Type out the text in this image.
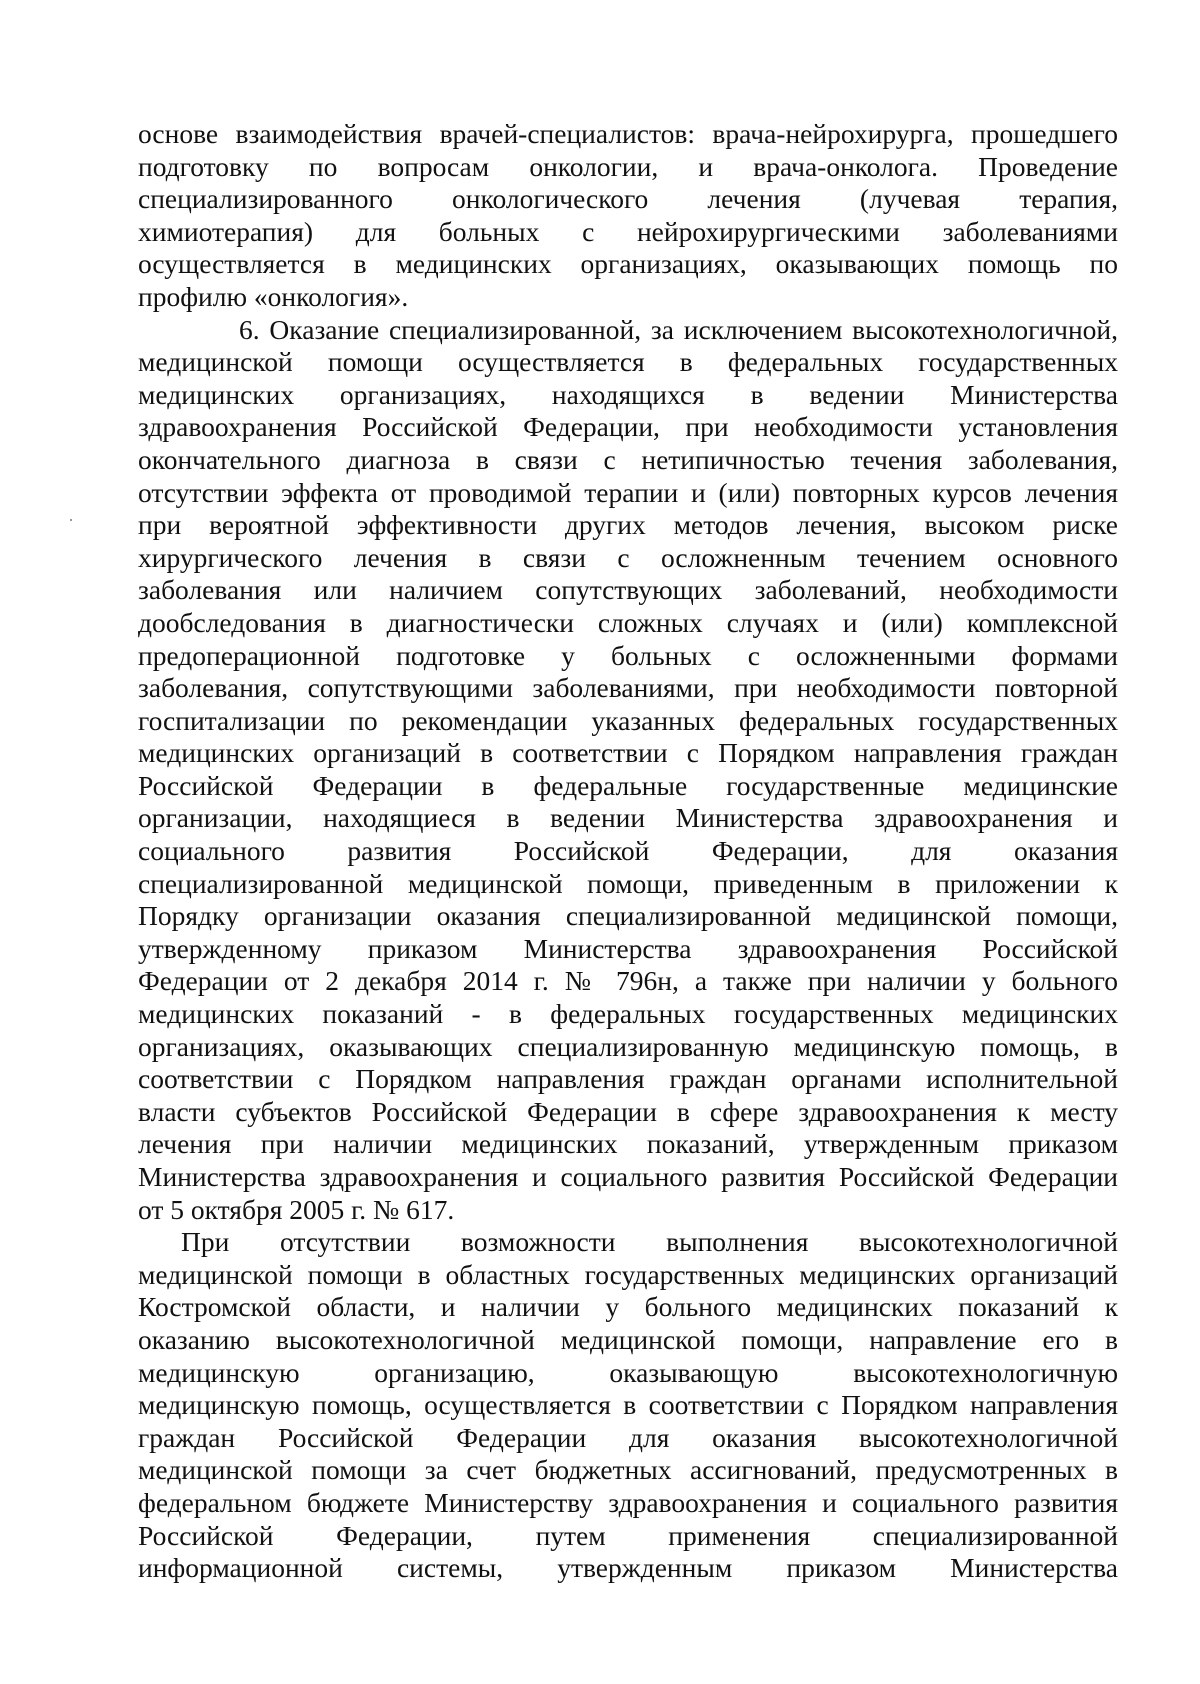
основе взаимодействия врачей-специалистов: врача-нейрохирурга, прошедшего
подготовку по вопросам онкологии, и врача-онколога. Проведение
специализированного онкологического лечения (лучевая терапия,
химиотерапия) для больных с нейрохирургическими заболеваниями
осуществляется в медицинских организациях, оказывающих помощь по
профилю «онкология».

6. Оказание специализированной, за исключением высокотехнологичной,
медицинской помощи осуществляется в федеральных государственных
медицинских организациях, находящихся в ведении Министерства
здравоохранения Российской Федерации, при необходимости установления
окончательного диагноза в связи с нетипичностью течения заболевания,
отсутствии эффекта от проводимой терапии и (или) повторных курсов лечения
при вероятной эффективности других методов лечения, высоком риске
хирургического лечения в связи с осложненным течением основного
заболевания или наличием сопутствующих заболеваний, необходимости
дообследования в диагностически сложных случаях и (или) комплексной
предоперационной подготовке у больных с осложненными формами
заболевания, сопутствующими заболеваниями, при необходимости повторной
госпитализации по рекомендации указанных федеральных государственных
медицинских организаций в соответствии с Порядком направления граждан
Российской Федерации в федеральные государственные медицинские
организации, находящиеся в ведении Министерства здравоохранения и
социального развития Российской Федерации, для оказания
специализированной медицинской помощи, приведенным в приложении к
Порядку организации оказания специализированной медицинской помощи,
утвержденному приказом Министерства здравоохранения Российской
Федерации от 2 декабря 2014 г. № 796н, а также при наличии у больного
медицинских показаний - в федеральных государственных медицинских
организациях, оказывающих специализированную медицинскую помощь, в
соответствии с Порядком направления граждан органами исполнительной
власти субъектов Российской Федерации в сфере здравоохранения к месту
лечения при наличии медицинских показаний, утвержденным приказом
Министерства здравоохранения и социального развития Российской Федерации
от 5 октября 2005 г. № 617.

При отсутствии возможности выполнения высокотехнологичной
медицинской помощи в областных государственных медицинских организаций
Костромской области, и наличии у больного медицинских показаний к
оказанию высокотехнологичной медицинской помощи, направление его в
медицинскую организацию, оказывающую высокотехнологичную
медицинскую помощь, осуществляется в соответствии с Порядком направления
граждан Российской Федерации для оказания высокотехнологичной
медицинской помощи за счет бюджетных ассигнований, предусмотренных в
федеральном бюджете Министерству здравоохранения и социального развития
Российской Федерации, путем применения специализированной
информационной системы, утвержденным приказом Министерства
